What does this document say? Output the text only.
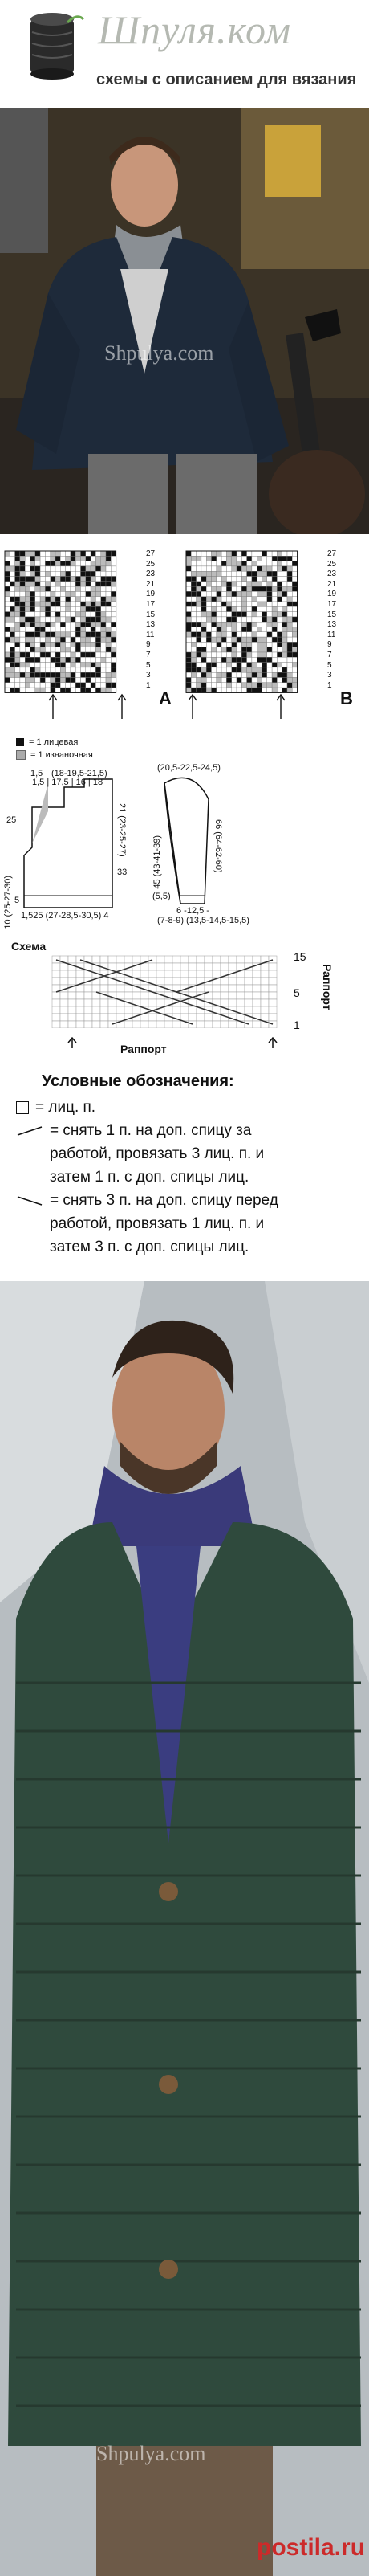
Шпуля.ком
схемы с описанием для вязания
Shpulya.com
A	B
27
25
23
21
19
17
15
13
11
9
7
5
3
1
27
25
23
21
19
17
15
13
11
9
7
5
3
1
= 1 лицевая
= 1 изнаночная
1,5 (18-19,5-21,5)
1,5 | 17,5 | 16 | 18
25
10 (25-27-30)
21 (23-25-27)
33
5
1,525 (27-28,5-30,5) 4
(20,5-22,5-24,5)
45 (43-41-39)	66 (64-62-60)
(5,5)
6 -12,5 -
(7-8-9) (13,5-14,5-15,5)
Схема
15
5
1
Раппорт
Раппорт
Условные обозначения:
= лиц. п.
= снять 1 п. на доп. спицу за
работой, провязать 3 лиц. п. и
затем 1 п. с доп. спицы лиц.
= снять 3 п. на доп. спицу перед
работой, провязать 1 лиц. п. и
затем 3 п. с доп. спицы лиц.
Shpulya.com
postila.ru
